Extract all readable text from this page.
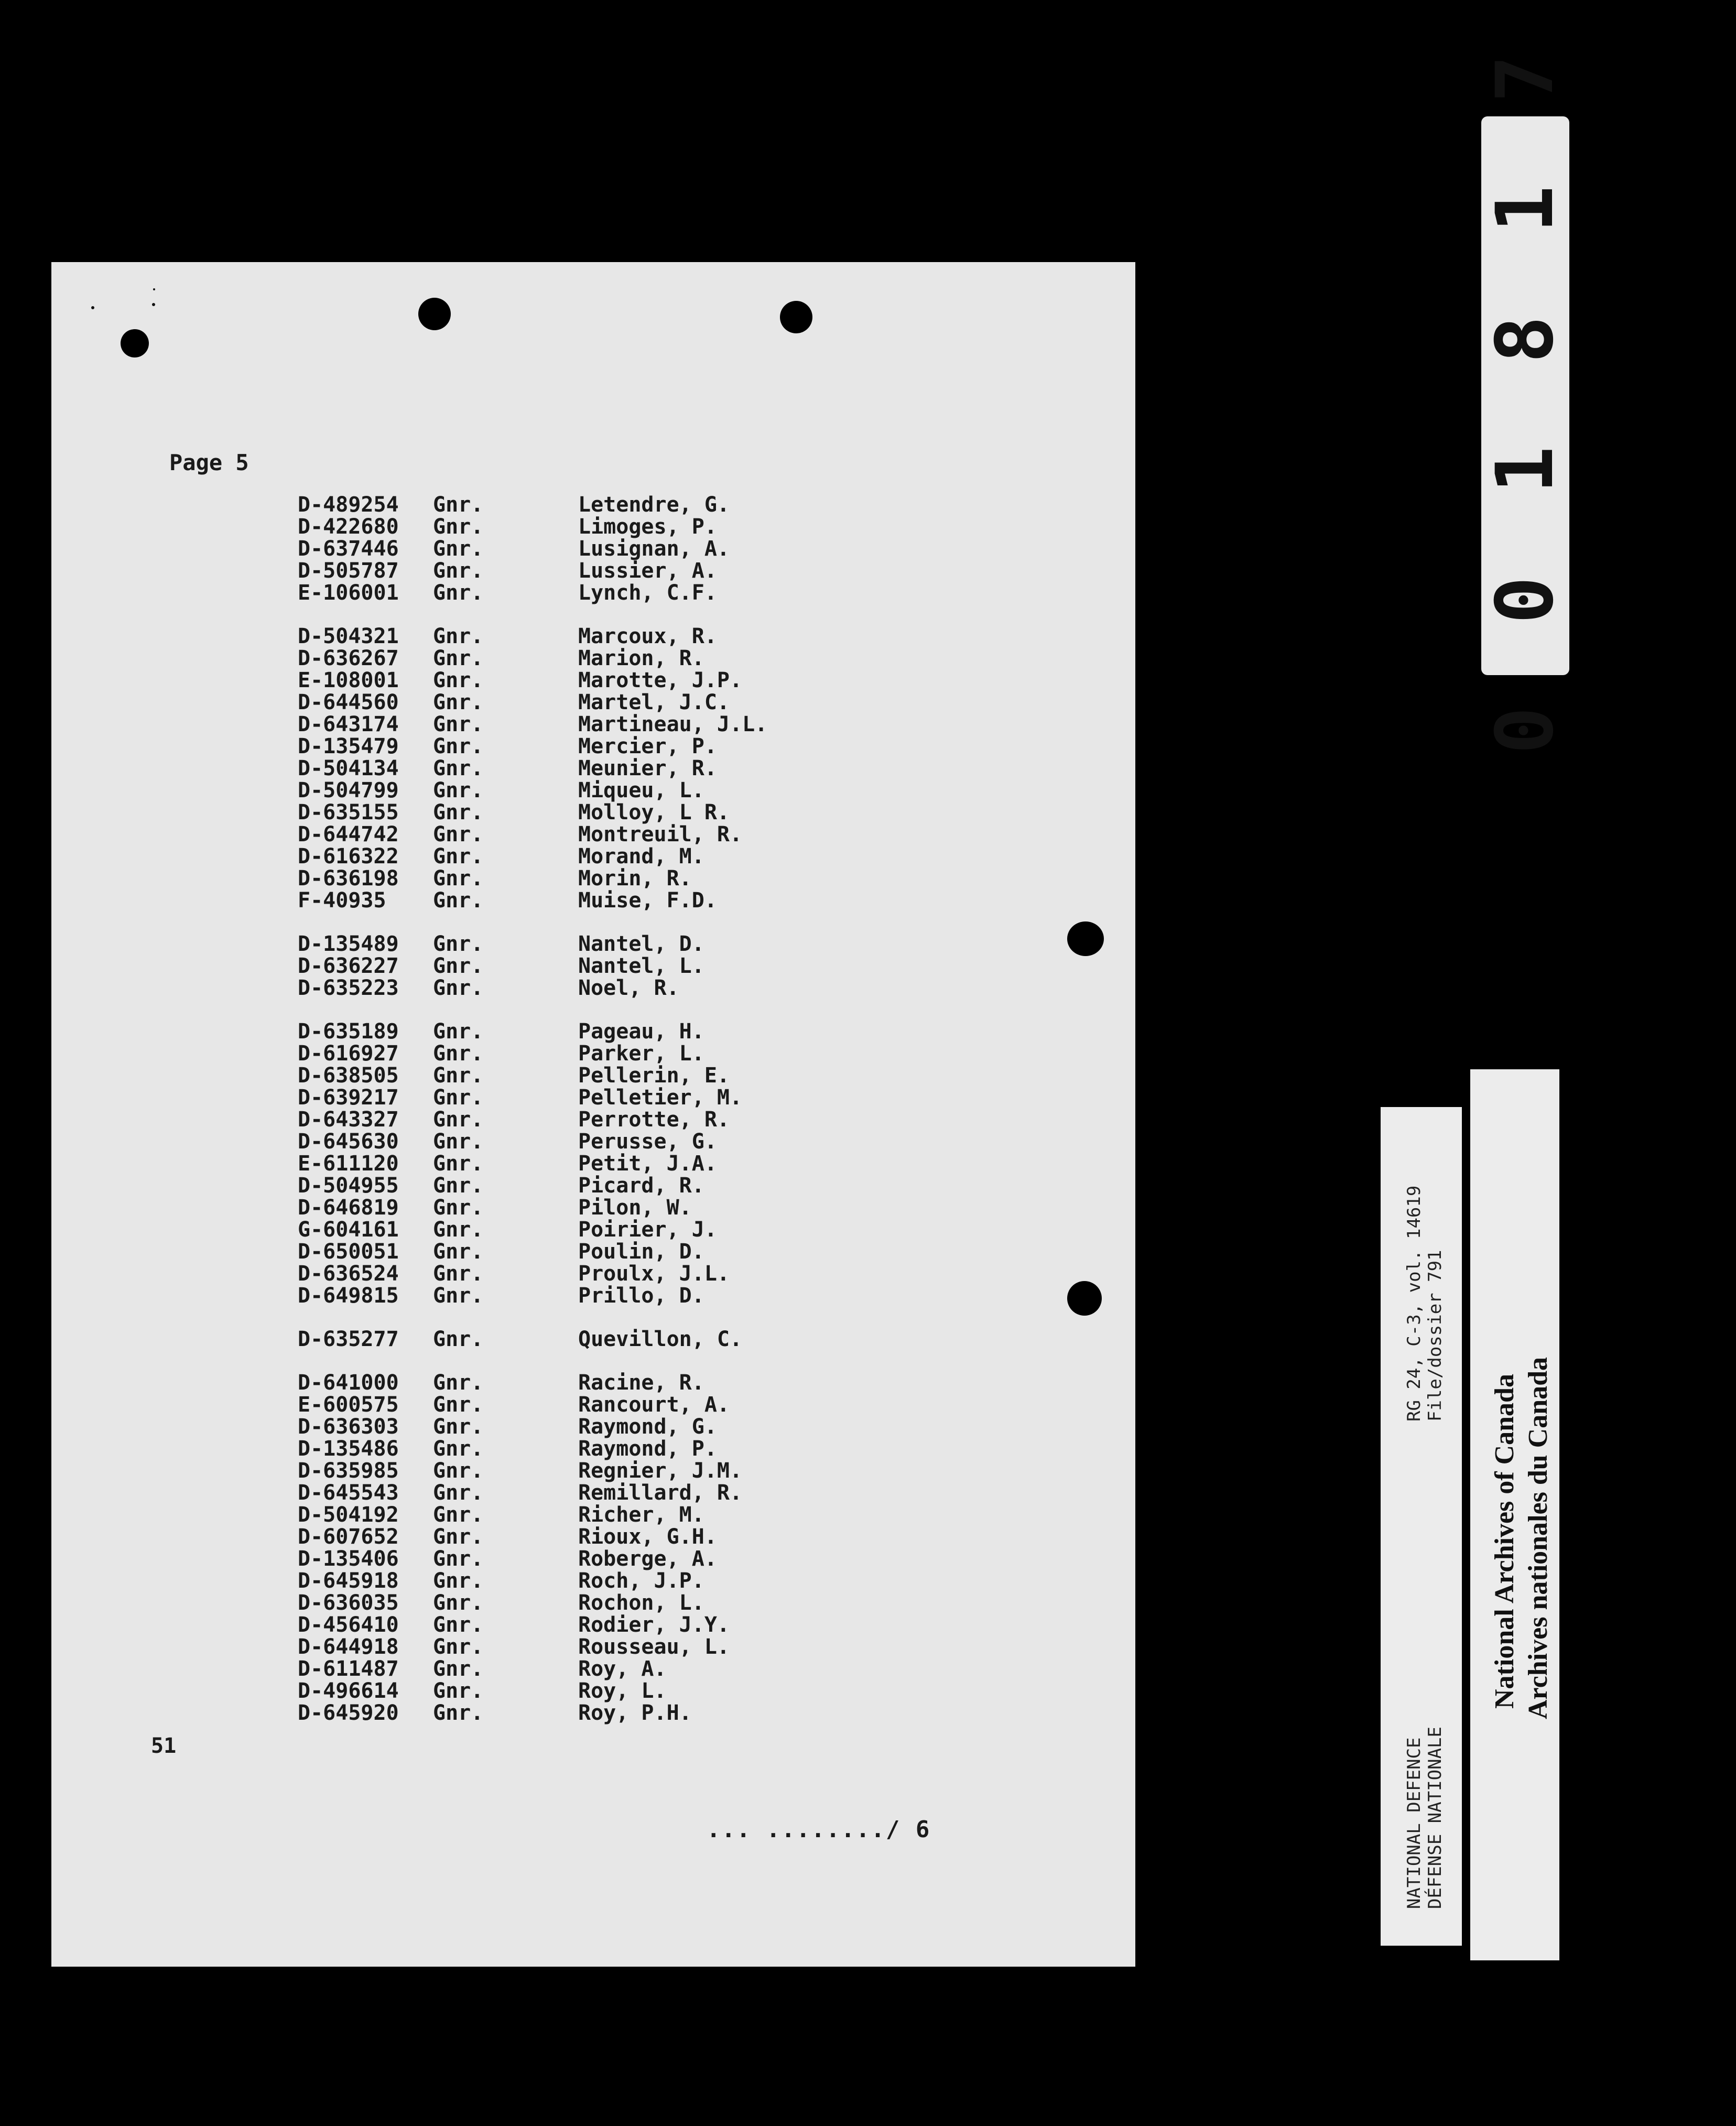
Page 5
D-489254 Gnr.	Letendre, G.
D-422680 Gnr.	Limoges, P.
D-637446 Gnr.	Lusignan, A.
D-505787 Gnr.	Lussier, A.
E-106001 Gnr.	Lynch, C.F.
D-504321 Gnr.	Marcoux, R.
D-636267 Gnr.	Marion, R.
E-108001 Gnr.	Marotte, J.P.
D-644560 Gnr.	Martel, J.C.
D-643174 Gnr.	Martineau, J.L.
D-135479 Gnr.	Mercier, P.
D-504134 Gnr.	Meunier, R.
D-504799 Gnr.	Miqueu, L.
D-635155 Gnr.	Molloy, L R.
D-644742 Gnr.	Montreuil, R.
D-616322 Gnr.	Morand, M.
D-636198 Gnr.	Morin, R.
F-40935 Gnr.	Muise, F.D.
D-135489 Gnr.	Nantel, D.
D-636227 Gnr.	Nantel, L.
D-635223 Gnr.	Noel, R.
D-635189 Gnr.	Pageau, H.
D-616927 Gnr.	Parker, L.
D-638505 Gnr.	Pellerin, E.
D-639217 Gnr.	Pelletier, M.
D-643327 Gnr.	Perrotte, R.
D-645630 Gnr.	Perusse, G.
E-611120 Gnr.	Petit, J.A.
D-504955 Gnr.	Picard, R.
D-646819 Gnr.	Pilon, W.
G-604161 Gnr.	Poirier, J.
D-650051 Gnr.	Poulin, D.
D-636524 Gnr.	Proulx, J.L.
D-649815 Gnr.	Prillo, D.
D-635277 Gnr.	Quevillon, C.
D-641000 Gnr.	Racine, R.
E-600575 Gnr.	Rancourt, A.
D-636303 Gnr.	Raymond, G.
D-135486 Gnr.	Raymond, P.
D-635985 Gnr.	Regnier, J.M.
D-645543 Gnr.	Remillard, R.
D-504192 Gnr.	Richer, M.
D-607652 Gnr.	Rioux, G.H.
D-135406 Gnr.	Roberge, A.
D-645918 Gnr.	Roch, J.P.
D-636035 Gnr.	Rochon, L.
D-456410 Gnr.	Rodier, J.Y.
D-644918 Gnr.	Rousseau, L.
D-611487 Gnr.	Roy, A.
D-496614 Gnr.	Roy, L.
D-645920 Gnr.	Roy, P.H.
51
... ......../ 6
0 0 1 8 1 7
NATIONAL DEFENCE DÉFENSE NATIONALE
RG 24, C-3, vol. 14619 File/dossier 791
National Archives of Canada Archives nationales du Canada
